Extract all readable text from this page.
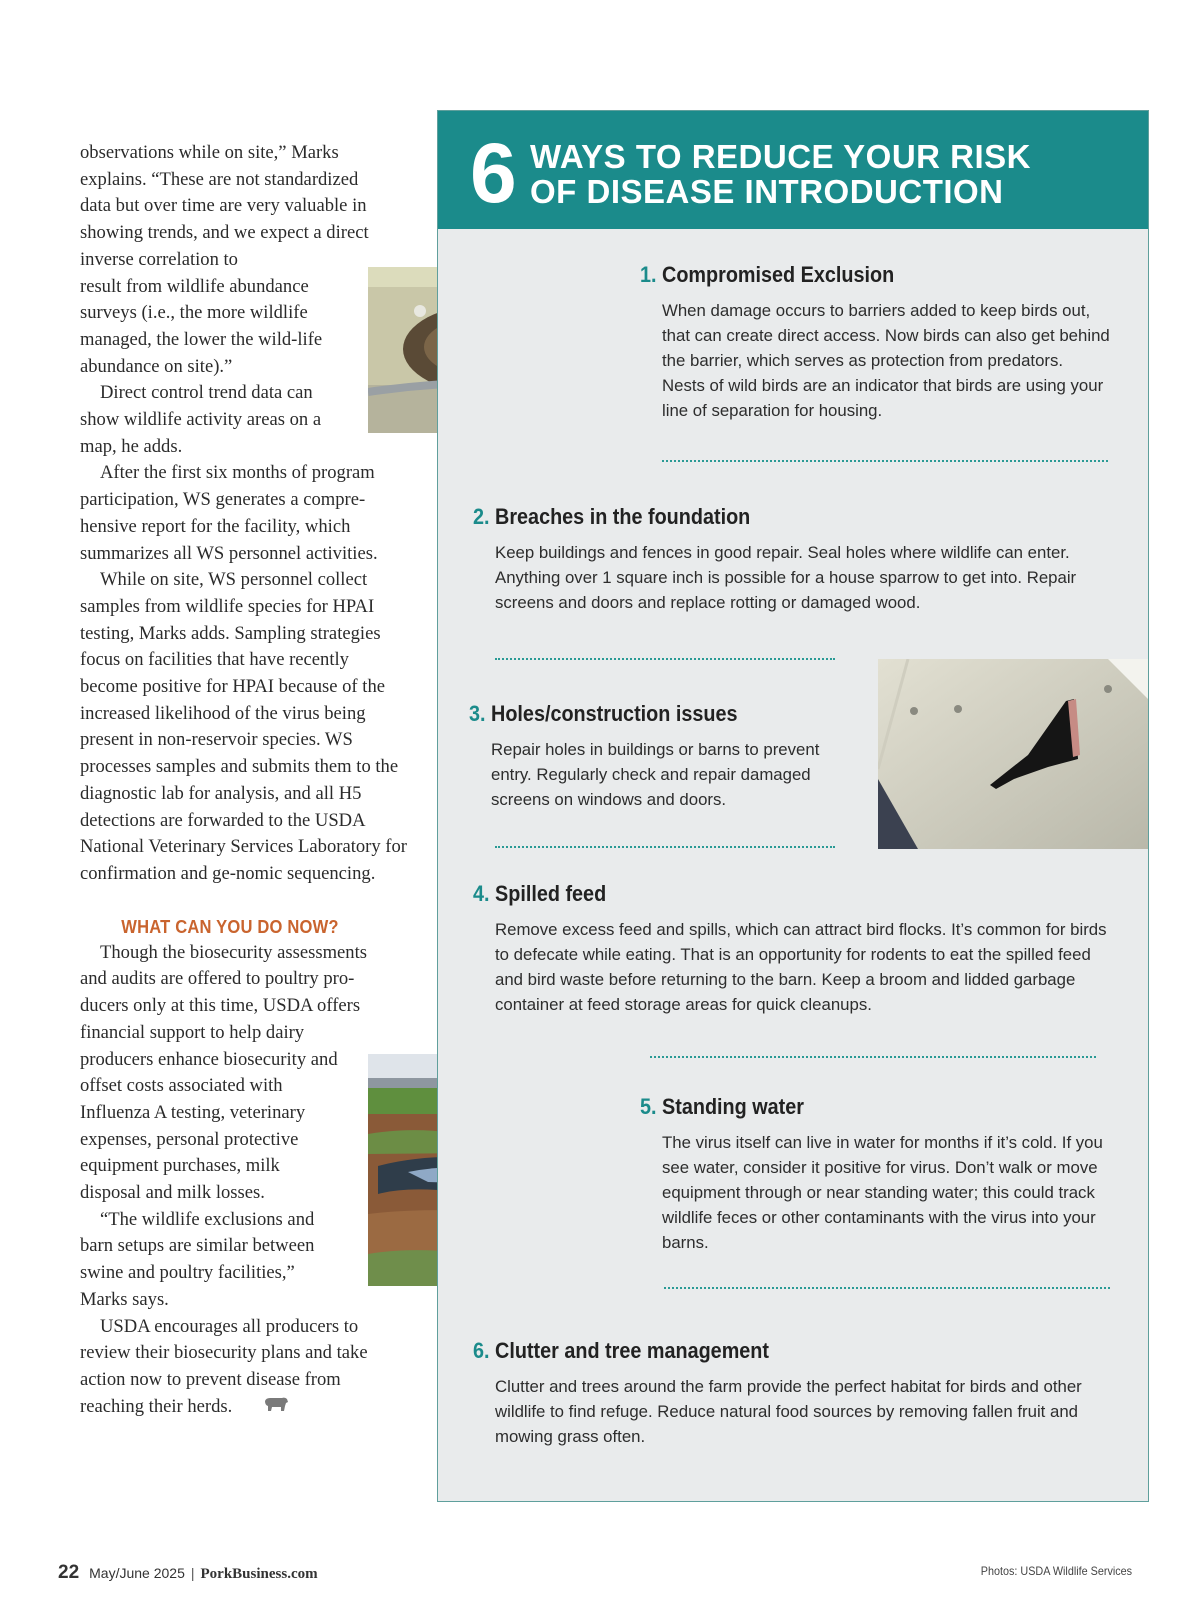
observations while on site,” Marks explains. “These are not standardized data but over time are very valuable in showing trends, and we expect a direct inverse correlation to

result from wildlife abundance surveys (i.e., the more wildlife managed, the lower the wild-life abundance on site).”

Direct control trend data can show wildlife activity areas on a map, he adds.

After the first six months of program participation, WS generates a compre-hensive report for the facility, which summarizes all WS personnel activities.

While on site, WS personnel collect samples from wildlife species for HPAI testing, Marks adds. Sampling strategies focus on facilities that have recently become positive for HPAI because of the increased likelihood of the virus being present in non-reservoir species. WS processes samples and submits them to the diagnostic lab for analysis, and all H5 detections are forwarded to the USDA National Veterinary Services Laboratory for confirmation and ge-nomic sequencing.

WHAT CAN YOU DO NOW?

Though the biosecurity assessments and audits are offered to poultry pro-ducers only at this time, USDA offers

financial support to help dairy producers enhance biosecurity and offset costs associated with Influenza A testing, veterinary expenses, personal protective equipment purchases, milk disposal and milk losses.

“The wildlife exclusions and barn setups are similar between swine and poultry facilities,” Marks says.

USDA encourages all producers to review their biosecurity plans and take action now to prevent disease from reaching their herds.

6 WAYS TO REDUCE YOUR RISK
OF DISEASE INTRODUCTION
1. Compromised Exclusion
When damage occurs to barriers added to keep birds out, that can create direct access. Now birds can also get behind the barrier, which serves as protection from predators. Nests of wild birds are an indicator that birds are using your line of separation for housing.
2. Breaches in the foundation
Keep buildings and fences in good repair. Seal holes where wildlife can enter. Anything over 1 square inch is possible for a house sparrow to get into. Repair screens and doors and replace rotting or damaged wood.
3. Holes/construction issues
Repair holes in buildings or barns to prevent entry. Regularly check and repair damaged screens on windows and doors.
4. Spilled feed
Remove excess feed and spills, which can attract bird flocks. It’s common for birds to defecate while eating. That is an opportunity for rodents to eat the spilled feed and bird waste before returning to the barn. Keep a broom and lidded garbage container at feed storage areas for quick cleanups.
5. Standing water
The virus itself can live in water for months if it’s cold. If you see water, consider it positive for virus. Don’t walk or move equipment through or near standing water; this could track wildlife feces or other contaminants with the virus into your barns.
6. Clutter and tree management
Clutter and trees around the farm provide the perfect habitat for birds and other wildlife to find refuge. Reduce natural food sources by removing fallen fruit and mowing grass often.
22 May/June 2025 | PorkBusiness.com	Photos: USDA Wildlife Services
